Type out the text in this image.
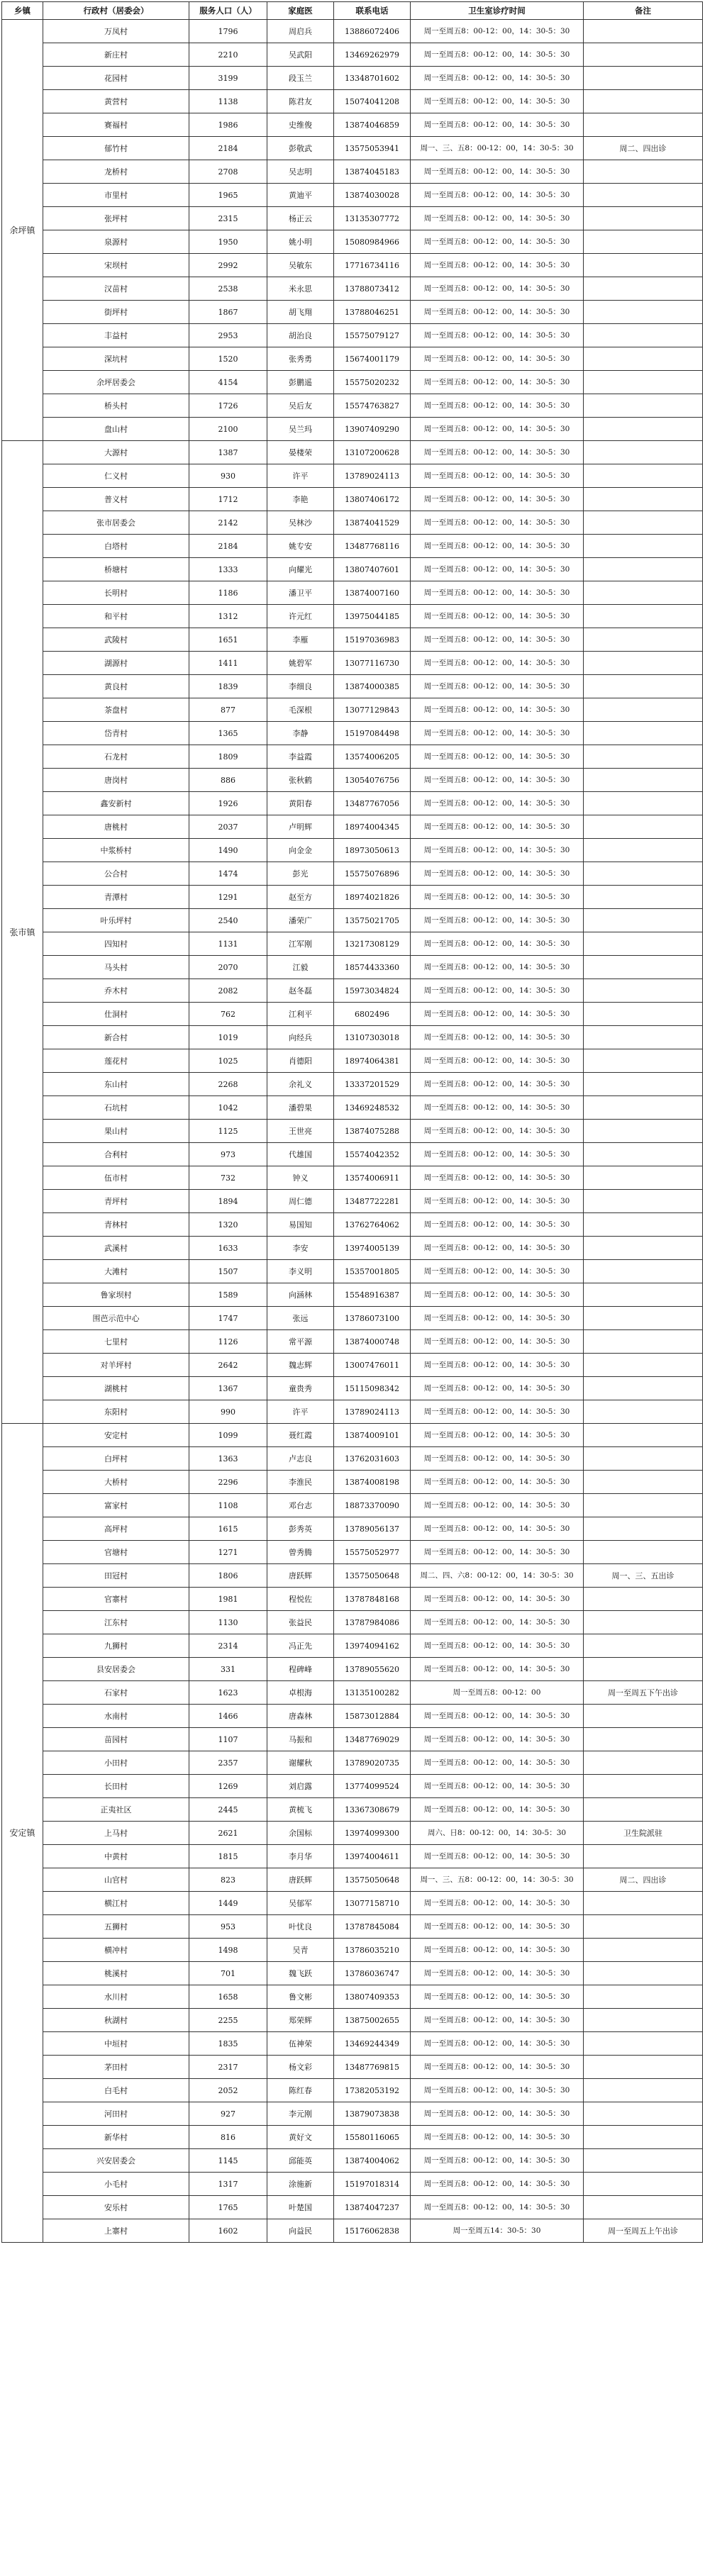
乡镇	行政村（居委会）	服务人口（人）	家庭医	联系电话	卫生室诊疗时间	备注
余坪镇	万凤村	1796	周启兵	13886072406	周一至周五8：00-12：00，14：30-5：30	
	新庄村	2210	吴武阳	13469262979	周一至周五8：00-12：00，14：30-5：30	
	花园村	3199	段玉兰	13348701602	周一至周五8：00-12：00，14：30-5：30	
	黄营村	1138	陈君友	15074041208	周一至周五8：00-12：00，14：30-5：30	
	赛福村	1986	史维俊	13874046859	周一至周五8：00-12：00，14：30-5：30	
	郁竹村	2184	彭敬武	13575053941	周一、三、五8：00-12：00，14：30-5：30	周二、四出诊
	龙桥村	2708	吴志明	13874045183	周一至周五8：00-12：00，14：30-5：30	
	市里村	1965	黄迪平	13874030028	周一至周五8：00-12：00，14：30-5：30	
	张坪村	2315	杨正云	13135307772	周一至周五8：00-12：00，14：30-5：30	
	泉源村	1950	姚小明	15080984966	周一至周五8：00-12：00，14：30-5：30	
	宋坝村	2992	吴敏东	17716734116	周一至周五8：00-12：00，14：30-5：30	
	汉苗村	2538	米永思	13788073412	周一至周五8：00-12：00，14：30-5：30	
	街坪村	1867	胡飞翔	13788046251	周一至周五8：00-12：00，14：30-5：30	
	丰益村	2953	胡治良	15575079127	周一至周五8：00-12：00，14：30-5：30	
	深坑村	1520	张秀勇	15674001179	周一至周五8：00-12：00，14：30-5：30	
	余坪居委会	4154	彭鹏遥	15575020232	周一至周五8：00-12：00，14：30-5：30	
	桥头村	1726	吴后友	15574763827	周一至周五8：00-12：00，14：30-5：30	
	盘山村	2100	吴兰玛	13907409290	周一至周五8：00-12：00，14：30-5：30	
张市镇	大源村	1387	晏楼荣	13107200628	周一至周五8：00-12：00，14：30-5：30	
	仁义村	930	许平	13789024113	周一至周五8：00-12：00，14：30-5：30	
	普义村	1712	李艳	13807406172	周一至周五8：00-12：00，14：30-5：30	
	张市居委会	2142	吴林沙	13874041529	周一至周五8：00-12：00，14：30-5：30	
	白塔村	2184	姚专安	13487768116	周一至周五8：00-12：00，14：30-5：30	
	桥塘村	1333	向耀光	13807407601	周一至周五8：00-12：00，14：30-5：30	
	长明村	1186	潘卫平	13874007160	周一至周五8：00-12：00，14：30-5：30	
	和平村	1312	许元红	13975044185	周一至周五8：00-12：00，14：30-5：30	
	武陵村	1651	李雁	15197036983	周一至周五8：00-12：00，14：30-5：30	
	湖源村	1411	姚碧军	13077116730	周一至周五8：00-12：00，14：30-5：30	
	黄良村	1839	李细良	13874000385	周一至周五8：00-12：00，14：30-5：30	
	茶盘村	877	毛深根	13077129843	周一至周五8：00-12：00，14：30-5：30	
	岱青村	1365	李静	15197084498	周一至周五8：00-12：00，14：30-5：30	
	石龙村	1809	李益霞	13574006205	周一至周五8：00-12：00，14：30-5：30	
	唐岗村	886	张秋鹤	13054076756	周一至周五8：00-12：00，14：30-5：30	
	鑫安新村	1926	黄阳春	13487767056	周一至周五8：00-12：00，14：30-5：30	
	唐桃村	2037	卢明辉	18974004345	周一至周五8：00-12：00，14：30-5：30	
	中浆桥村	1490	向金金	18973050613	周一至周五8：00-12：00，14：30-5：30	
	公合村	1474	彭光	15575076896	周一至周五8：00-12：00，14：30-5：30	
	青潭村	1291	赵至方	18974021826	周一至周五8：00-12：00，14：30-5：30	
	叶乐坪村	2540	潘荣广	13575021705	周一至周五8：00-12：00，14：30-5：30	
	四知村	1131	江军刚	13217308129	周一至周五8：00-12：00，14：30-5：30	
	马头村	2070	江毅	18574433360	周一至周五8：00-12：00，14：30-5：30	
	乔木村	2082	赵冬磊	15973034824	周一至周五8：00-12：00，14：30-5：30	
	仕洞村	762	江利平	6802496	周一至周五8：00-12：00，14：30-5：30	
	新合村	1019	向经兵	13107303018	周一至周五8：00-12：00，14：30-5：30	
	莲花村	1025	肖德阳	18974064381	周一至周五8：00-12：00，14：30-5：30	
	东山村	2268	余礼义	13337201529	周一至周五8：00-12：00，14：30-5：30	
	石坑村	1042	潘碧果	13469248532	周一至周五8：00-12：00，14：30-5：30	
	果山村	1125	王世亮	13874075288	周一至周五8：00-12：00，14：30-5：30	
	合利村	973	代雄国	15574042352	周一至周五8：00-12：00，14：30-5：30	
	伍市村	732	钟义	13574006911	周一至周五8：00-12：00，14：30-5：30	
	青坪村	1894	周仁德	13487722281	周一至周五8：00-12：00，14：30-5：30	
	青林村	1320	易国知	13762764062	周一至周五8：00-12：00，14：30-5：30	
	武溪村	1633	李安	13974005139	周一至周五8：00-12：00，14：30-5：30	
	大滩村	1507	李义明	15357001805	周一至周五8：00-12：00，14：30-5：30	
	鲁家坝村	1589	向涵林	15548916387	周一至周五8：00-12：00，14：30-5：30	
	围芭示范中心	1747	张远	13786073100	周一至周五8：00-12：00，14：30-5：30	
	七里村	1126	常平源	13874000748	周一至周五8：00-12：00，14：30-5：30	
	对羊坪村	2642	魏志辉	13007476011	周一至周五8：00-12：00，14：30-5：30	
	湖桃村	1367	童贵秀	15115098342	周一至周五8：00-12：00，14：30-5：30	
	东阳村	990	许平	13789024113	周一至周五8：00-12：00，14：30-5：30	
安定镇	安定村	1099	聂红霞	13874009101	周一至周五8：00-12：00，14：30-5：30	
	白坪村	1363	卢志良	13762031603	周一至周五8：00-12：00，14：30-5：30	
	大桥村	2296	李淮民	13874008198	周一至周五8：00-12：00，14：30-5：30	
	富家村	1108	邓台志	18873370090	周一至周五8：00-12：00，14：30-5：30	
	高坪村	1615	彭秀英	13789056137	周一至周五8：00-12：00，14：30-5：30	
	官塘村	1271	曾秀腾	15575052977	周一至周五8：00-12：00，14：30-5：30	
	田冠村	1806	唐跃辉	13575050648	周二、四、六8：00-12：00，14：30-5：30	周一、三、五出诊
	官寨村	1981	程悦佐	13787848168	周一至周五8：00-12：00，14：30-5：30	
	江东村	1130	张益民	13787984086	周一至周五8：00-12：00，14：30-5：30	
	九狮村	2314	冯正先	13974094162	周一至周五8：00-12：00，14：30-5：30	
	县安居委会	331	程碑峰	13789055620	周一至周五8：00-12：00，14：30-5：30	
	石家村	1623	卓根海	13135100282	周一至周五8：00-12：00	周一至周五下午出诊
	水南村	1466	唐森林	15873012884	周一至周五8：00-12：00，14：30-5：30	
	苗园村	1107	马振和	13487769029	周一至周五8：00-12：00，14：30-5：30	
	小田村	2357	谢耀秋	13789020735	周一至周五8：00-12：00，14：30-5：30	
	长田村	1269	刘启露	13774099524	周一至周五8：00-12：00，14：30-5：30	
	正夷社区	2445	黄梳飞	13367308679	周一至周五8：00-12：00，14：30-5：30	
	上马村	2621	余国标	13974099300	周六、日8：00-12：00，14：30-5：30	卫生院派驻
	中黄村	1815	李月华	13974004611	周一至周五8：00-12：00，14：30-5：30	
	山官村	823	唐跃辉	13575050648	周一、三、五8：00-12：00，14：30-5：30	周二、四出诊
	横江村	1449	吴郁军	13077158710	周一至周五8：00-12：00，14：30-5：30	
	五狮村	953	叶忧良	13787845084	周一至周五8：00-12：00，14：30-5：30	
	横冲村	1498	吴青	13786035210	周一至周五8：00-12：00，14：30-5：30	
	桃溪村	701	魏飞跃	13786036747	周一至周五8：00-12：00，14：30-5：30	
	水川村	1658	鲁文彬	13807409353	周一至周五8：00-12：00，14：30-5：30	
	秋湖村	2255	郑荣辉	13875002655	周一至周五8：00-12：00，14：30-5：30	
	中垣村	1835	伍神荣	13469244349	周一至周五8：00-12：00，14：30-5：30	
	茅田村	2317	杨文彩	13487769815	周一至周五8：00-12：00，14：30-5：30	
	白毛村	2052	陈红春	17382053192	周一至周五8：00-12：00，14：30-5：30	
	河田村	927	李元刚	13879073838	周一至周五8：00-12：00，14：30-5：30	
	新华村	816	黄好文	15580116065	周一至周五8：00-12：00，14：30-5：30	
	兴安居委会	1145	邱能英	13874004062	周一至周五8：00-12：00，14：30-5：30	
	小毛村	1317	涂施新	15197018314	周一至周五8：00-12：00，14：30-5：30	
	安乐村	1765	叶楚国	13874047237	周一至周五8：00-12：00，14：30-5：30	
	上寨村	1602	向益民	15176062838	周一至周五14：30-5：30	周一至周五上午出诊
